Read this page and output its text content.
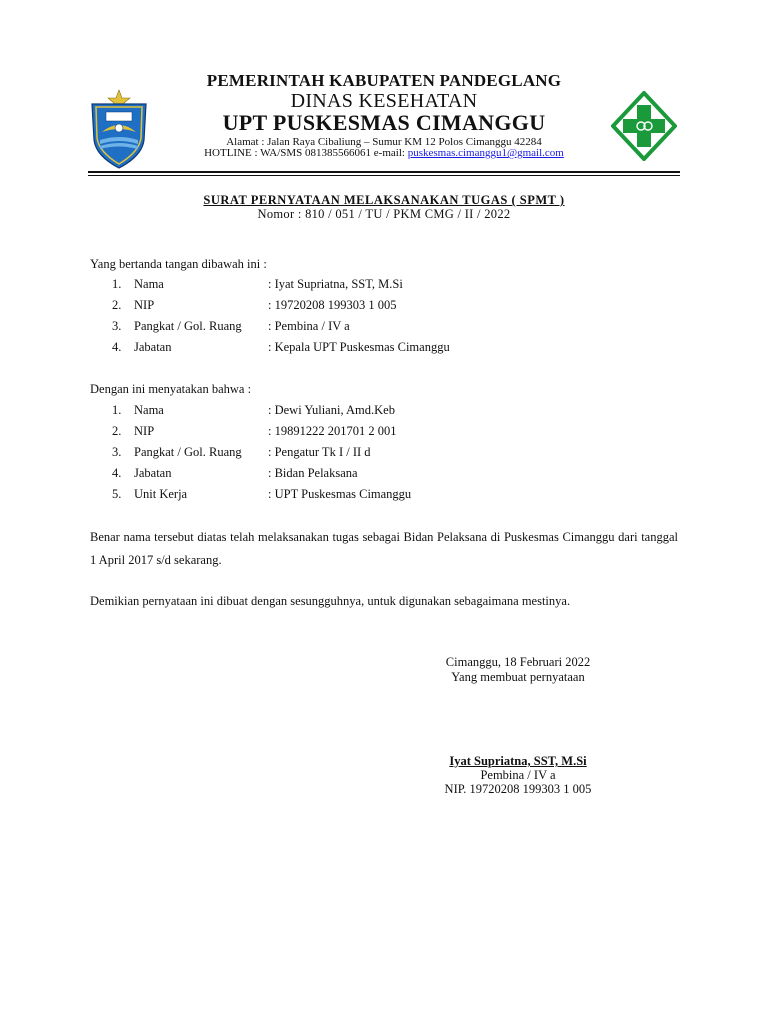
PEMERINTAH KABUPATEN PANDEGLANG
DINAS KESEHATAN
UPT PUSKESMAS CIMANGGU
Alamat : Jalan Raya Cibaliung – Sumur KM 12 Polos Cimanggu 42284
HOTLINE : WA/SMS 081385566061 e-mail: puskesmas.cimanggu1@gmail.com
SURAT PERNYATAAN MELAKSANAKAN TUGAS ( SPMT )
Nomor : 810 / 051 / TU / PKM CMG / II / 2022
Yang bertanda tangan dibawah ini :
1. Nama	: Iyat Supriatna, SST, M.Si
2. NIP	: 19720208 199303 1 005
3. Pangkat / Gol. Ruang : Pembina / IV a
4. Jabatan	: Kepala UPT Puskesmas Cimanggu
Dengan ini menyatakan bahwa :
1. Nama	: Dewi Yuliani, Amd.Keb
2. NIP	: 19891222 201701 2 001
3. Pangkat / Gol. Ruang : Pengatur Tk I / II d
4. Jabatan	: Bidan Pelaksana
5. Unit Kerja	: UPT Puskesmas Cimanggu
Benar nama tersebut diatas telah melaksanakan tugas sebagai Bidan Pelaksana di Puskesmas Cimanggu dari tanggal 1 April 2017 s/d sekarang.
Demikian pernyataan ini dibuat dengan sesungguhnya, untuk digunakan sebagaimana mestinya.
Cimanggu, 18 Februari 2022
Yang membuat pernyataan
Iyat Supriatna, SST, M.Si
Pembina / IV a
NIP. 19720208 199303 1 005
